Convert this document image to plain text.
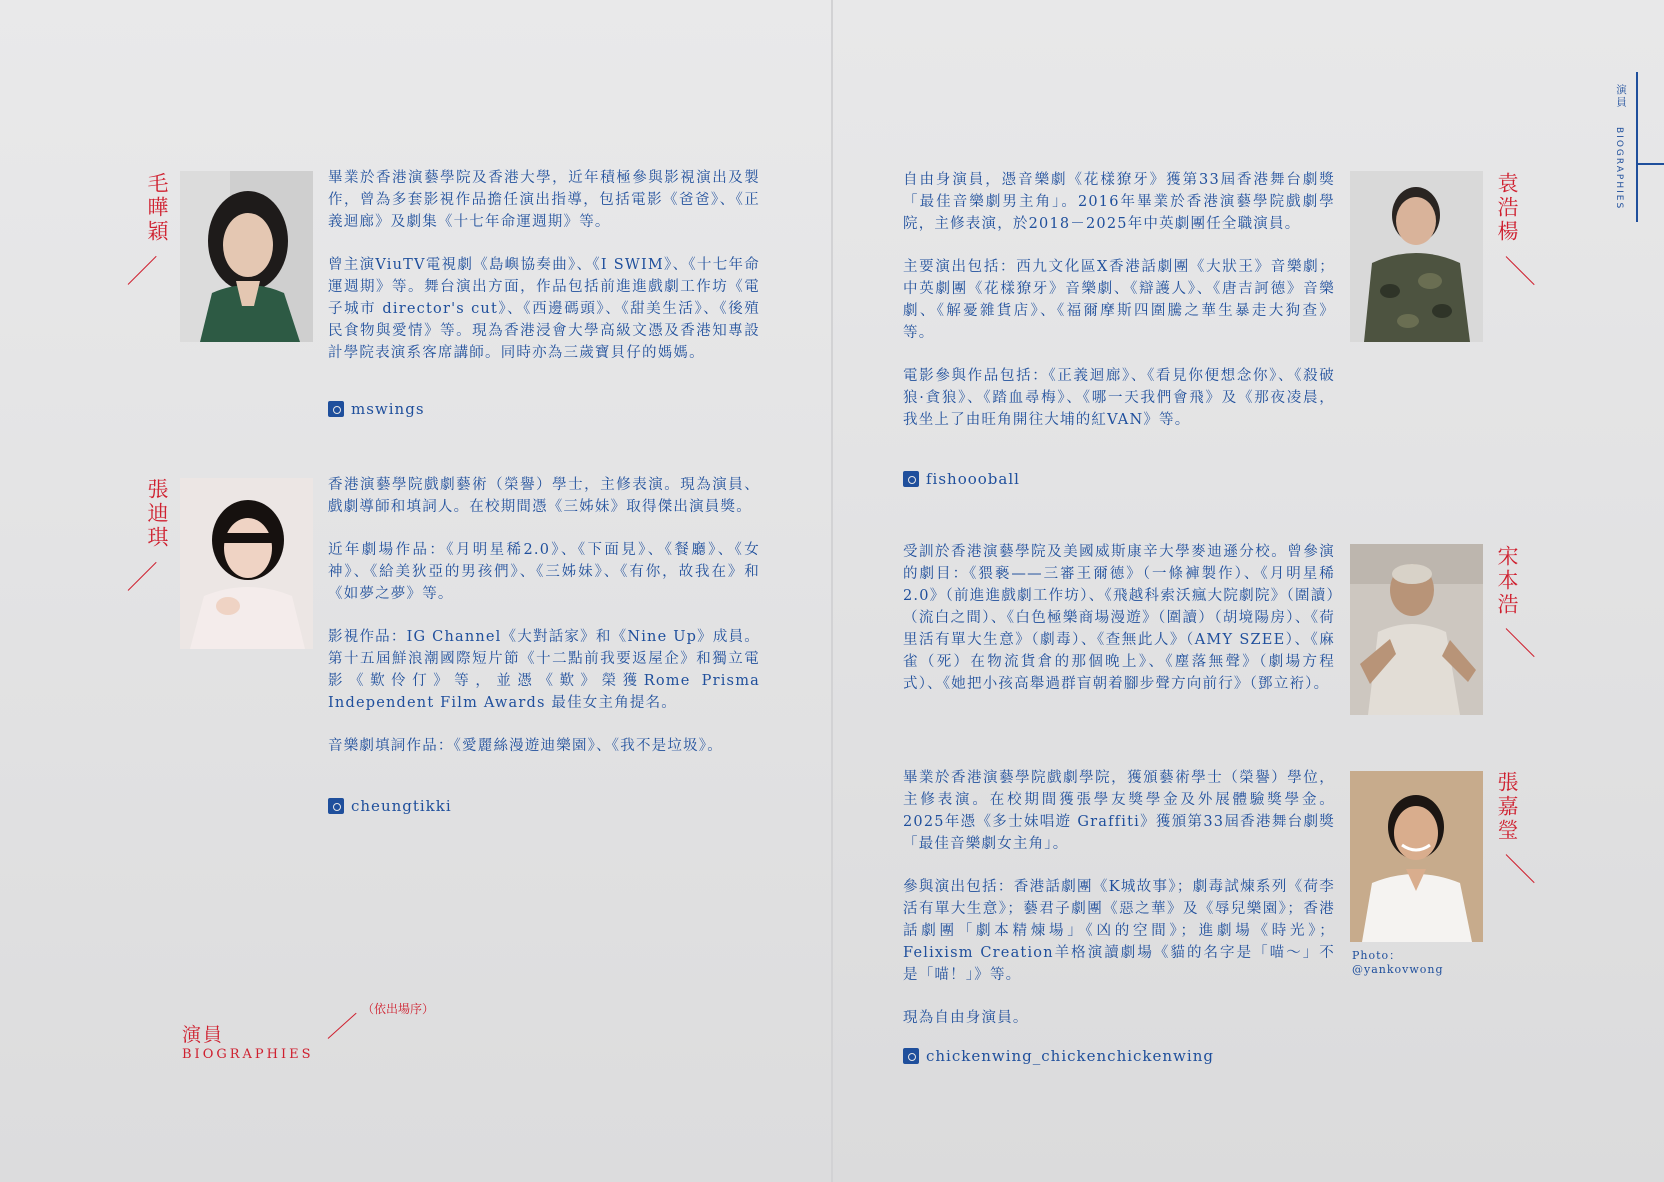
毛曄穎	畢業於香港演藝學院及香港大學，近年積極參與影視演出及製作，曾為多套影視作品擔任演出指導，包括電影《爸爸》、《正義迴廊》及劇集《十七年命運週期》等。

曾主演ViuTV電視劇《島嶼協奏曲》、《I SWIM》、《十七年命運週期》等。舞台演出方面，作品包括前進進戲劇工作坊《電子城市 director's cut》、《西邊碼頭》、《甜美生活》、《後殖民食物與愛情》等。現為香港浸會大學高級文憑及香港知專設計學院表演系客席講師。同時亦為三歲寶貝仔的媽媽。

mswings
張迪琪	香港演藝學院戲劇藝術（榮譽）學士，主修表演。現為演員、戲劇導師和填詞人。在校期間憑《三姊妹》取得傑出演員獎。

近年劇場作品：《月明星稀2.0》、《下面見》、《餐廳》、《女神》、《給美狄亞的男孩們》、《三姊妹》、《有你，故我在》和《如夢之夢》等。

影視作品：IG Channel《大對話家》和《Nine Up》成員。第十五屆鮮浪潮國際短片節《十二點前我要返屋企》和獨立電影《歎伶仃》等，並憑《歎》榮獲Rome Prisma Independent Film Awards 最佳女主角提名。

音樂劇填詞作品：《愛麗絲漫遊迪樂園》、《我不是垃圾》。

cheungtikki
演員
BIOGRAPHIES
（依出場序）
演員
BIOGRAPHIES

自由身演員，憑音樂劇《花樣獠牙》獲第33屆香港舞台劇獎「最佳音樂劇男主角」。2016年畢業於香港演藝學院戲劇學院，主修表演，於2018－2025年中英劇團任全職演員。

主要演出包括：西九文化區X香港話劇團《大狀王》音樂劇；中英劇團《花樣獠牙》音樂劇、《辯護人》、《唐吉訶德》音樂劇、《解憂雜貨店》、《福爾摩斯四圍騰之華生暴走大狗查》等。

電影參與作品包括：《正義迴廊》、《看見你便想念你》、《殺破狼·貪狼》、《踏血尋梅》、《哪一天我們會飛》及《那夜凌晨，我坐上了由旺角開往大埔的紅VAN》等。

fishoooball
袁浩楊

受訓於香港演藝學院及美國威斯康辛大學麥迪遜分校。曾參演的劇目：《猥褻——三審王爾德》（一條褲製作）、《月明星稀2.0》（前進進戲劇工作坊）、《飛越科索沃瘋大院劇院》（圍讀）（流白之間）、《白色極樂商場漫遊》（圍讀）（胡境陽房）、《荷里活有單大生意》（劇毒）、《查無此人》（AMY SZEE）、《麻雀（死）在物流貨倉的那個晚上》、《塵落無聲》（劇場方程式）、《她把小孩高舉過群盲朝着腳步聲方向前行》（鄧立裄）。

宋本浩

畢業於香港演藝學院戲劇學院，獲頒藝術學士（榮譽）學位，主修表演。在校期間獲張學友獎學金及外展體驗獎學金。2025年憑《多士妹唱遊 Graffiti》獲頒第33屆香港舞台劇獎「最佳音樂劇女主角」。

參與演出包括：香港話劇團《K城故事》；劇毒試煉系列《荷李活有單大生意》；藝君子劇團《惡之華》及《辱兒樂園》；香港話劇團「劇本精煉場」《凶的空間》；進劇場《時光》；Felixism Creation羊格演讀劇場《貓的名字是「喵～」不是「喵！」》等。

現為自由身演員。

chickenwing_chickenchickenwing
Photo：
@yankovwong
張嘉瑩
